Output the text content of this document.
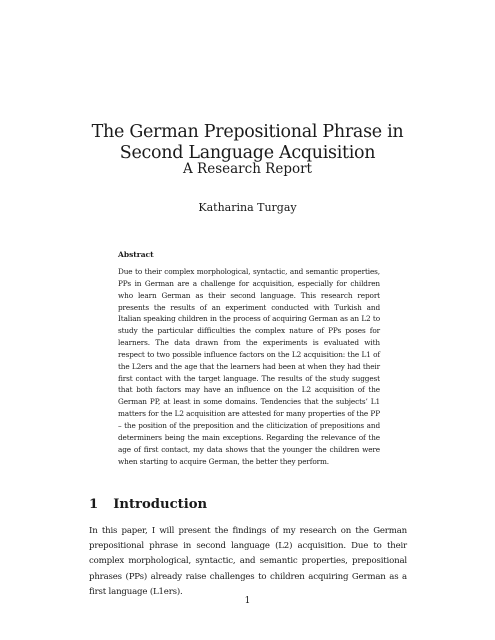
The German Prepositional Phrase in Second Language Acquisition
A Research Report
Katharina Turgay
Abstract

Due to their complex morphological, syntactic, and semantic properties, PPs in German are a challenge for acquisition, especially for children who learn German as their second language. This research report presents the results of an experiment conducted with Turkish and Italian speaking children in the process of acquiring German as an L2 to study the particular difficulties the complex nature of PPs poses for learners. The data drawn from the experiments is evaluated with respect to two possible influence factors on the L2 acquisition: the L1 of the L2ers and the age that the learners had been at when they had their first contact with the target language. The results of the study suggest that both factors may have an influence on the L2 acquisition of the German PP, at least in some domains. Tendencies that the subjects’ L1 matters for the L2 acquisition are attested for many properties of the PP – the position of the preposition and the cliticization of prepositions and determiners being the main exceptions. Regarding the relevance of the age of first contact, my data shows that the younger the children were when starting to acquire German, the better they perform.

1 Introduction

In this paper, I will present the findings of my research on the German prepositional phrase in second language (L2) acquisition. Due to their complex morphological, syntactic, and semantic properties, prepositional phrases (PPs) already raise challenges to children acquiring German as a first language (L1ers).

1
